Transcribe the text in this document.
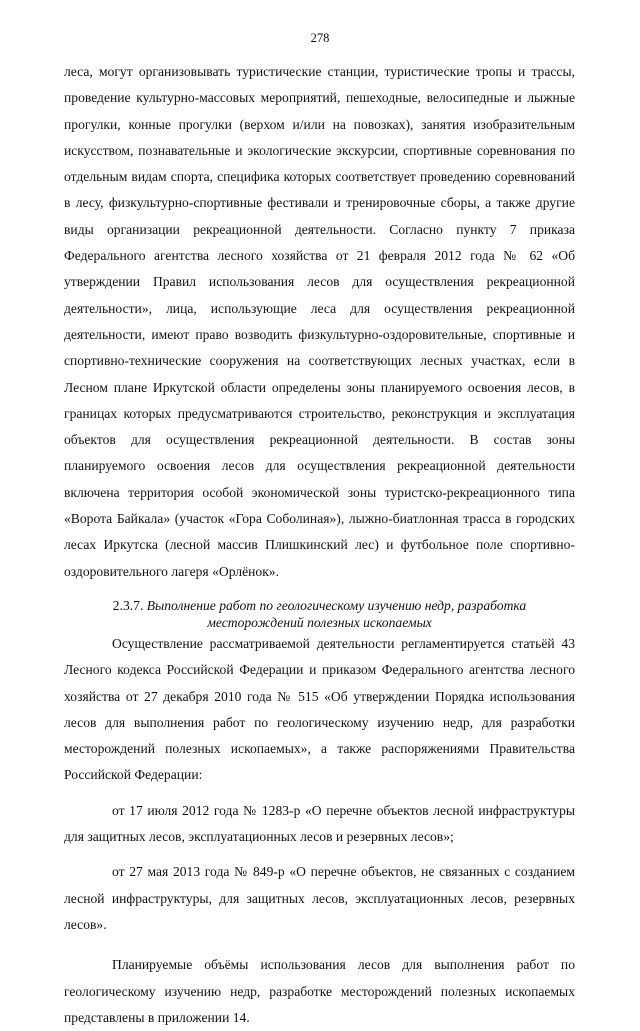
278

леса, могут организовывать туристические станции, туристические тропы и трассы, проведение культурно-массовых мероприятий, пешеходные, велосипедные и лыжные прогулки, конные прогулки (верхом и/или на повозках), занятия изобразительным искусством, познавательные и экологические экскурсии, спортивные соревнования по отдельным видам спорта, специфика которых соответствует проведению соревнований в лесу, физкультурно-спортивные фестивали и тренировочные сборы, а также другие виды организации рекреационной деятельности. Согласно пункту 7 приказа Федерального агентства лесного хозяйства от 21 февраля 2012 года № 62 «Об утверждении Правил использования лесов для осуществления рекреационной деятельности», лица, использующие леса для осуществления рекреационной деятельности, имеют право возводить физкультурно-оздоровительные, спортивные и спортивно-технические сооружения на соответствующих лесных участках, если в Лесном плане Иркутской области определены зоны планируемого освоения лесов, в границах которых предусматриваются строительство, реконструкция и эксплуатация объектов для осуществления рекреационной деятельности. В состав зоны планируемого освоения лесов для осуществления рекреационной деятельности включена территория особой экономической зоны туристско-рекреационного типа «Ворота Байкала» (участок «Гора Соболиная»), лыжно-биатлонная трасса в городских лесах Иркутска (лесной массив Плишкинский лес) и футбольное поле спортивно-оздоровительного лагеря «Орлёнок».

2.3.7. Выполнение работ по геологическому изучению недр, разработка месторождений полезных ископаемых

Осуществление рассматриваемой деятельности регламентируется статьёй 43 Лесного кодекса Российской Федерации и приказом Федерального агентства лесного хозяйства от 27 декабря 2010 года № 515 «Об утверждении Порядка использования лесов для выполнения работ по геологическому изучению недр, для разработки месторождений полезных ископаемых», а также распоряжениями Правительства Российской Федерации:

от 17 июля 2012 года № 1283-р «О перечне объектов лесной инфраструктуры для защитных лесов, эксплуатационных лесов и резервных лесов»;

от 27 мая 2013 года № 849-р «О перечне объектов, не связанных с созданием лесной инфраструктуры, для защитных лесов, эксплуатационных лесов, резервных лесов».

Планируемые объёмы использования лесов для выполнения работ по геологическому изучению недр, разработке месторождений полезных ископаемых представлены в приложении 14.
